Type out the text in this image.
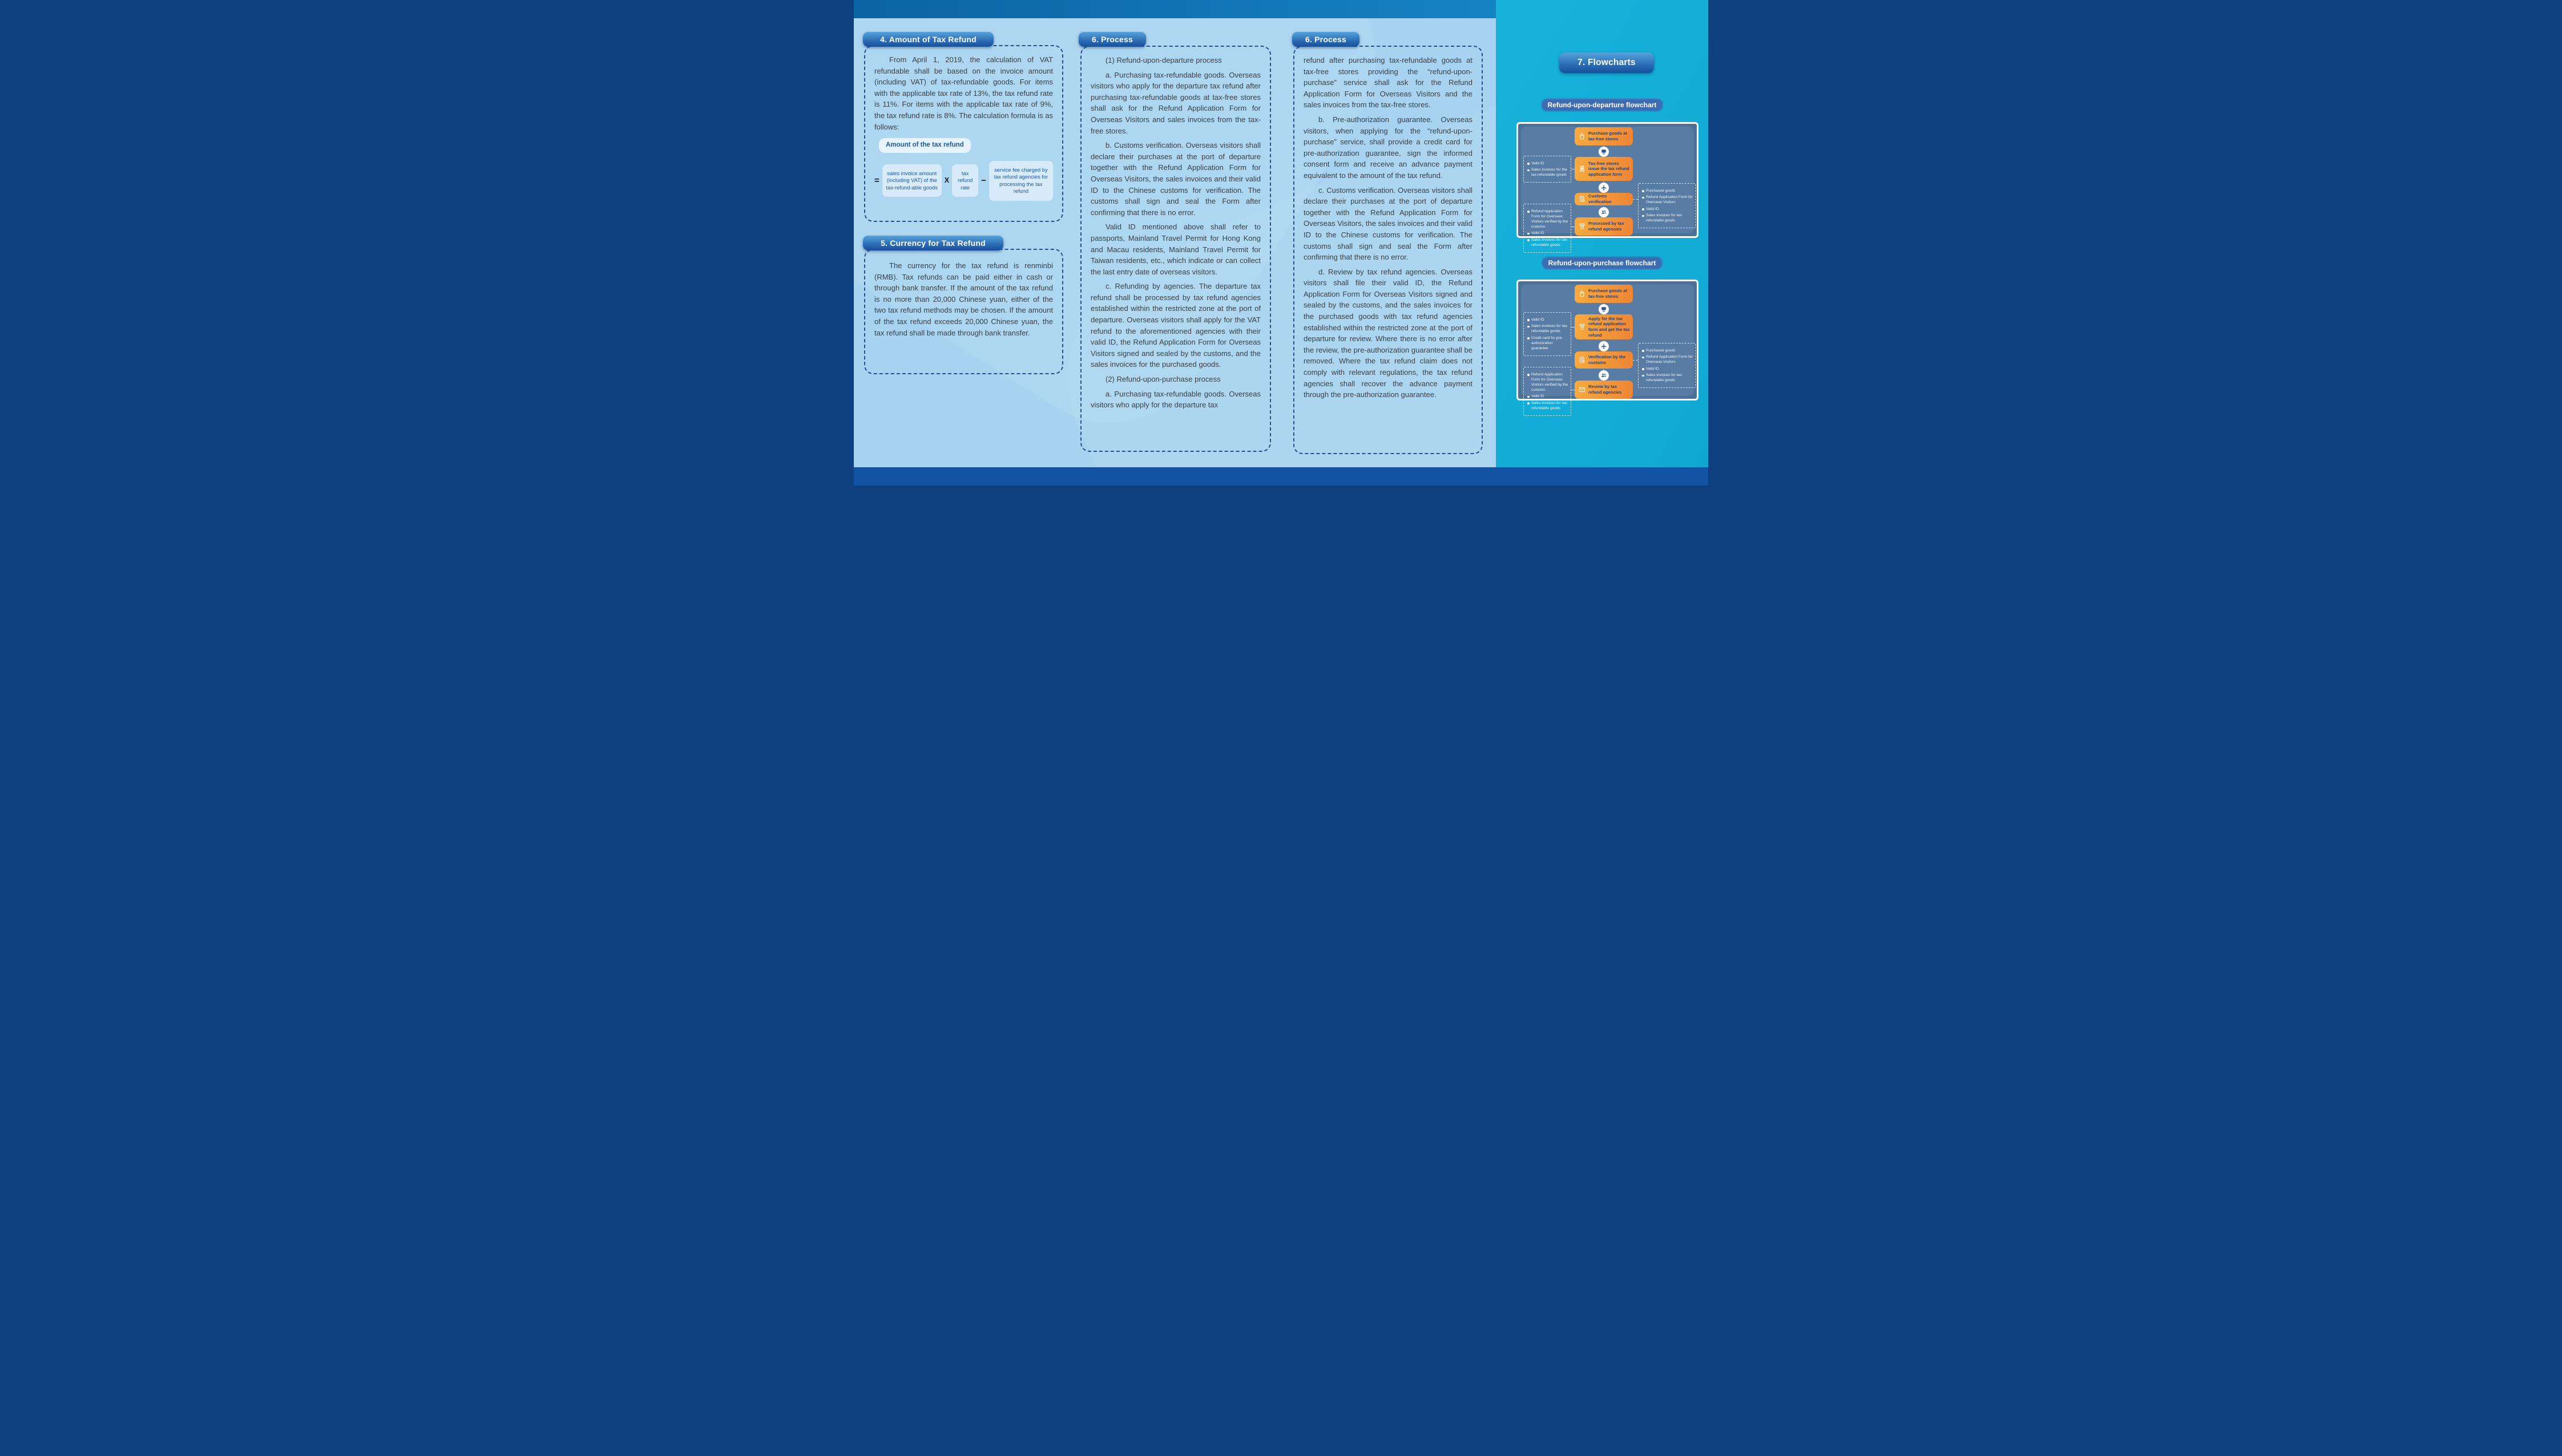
4. Amount of Tax Refund

From April 1, 2019, the calculation of VAT refundable shall be based on the invoice amount (including VAT) of tax-refundable goods. For items with the applicable tax rate of 13%, the tax refund rate is 11%. For items with the applicable tax rate of 9%, the tax refund rate is 8%. The calculation formula is as follows:

Amount of the tax refund
=
sales invoice amount (including VAT) of the tax-refund-able goods
X
tax refund rate
−
service fee charged by tax refund agencies for processing the tax refund
5. Currency for Tax Refund

The currency for the tax refund is renminbi (RMB). Tax refunds can be paid either in cash or through bank transfer. If the amount of the tax refund is no more than 20,000 Chinese yuan, either of the two tax refund methods may be chosen. If the amount of the tax refund exceeds 20,000 Chinese yuan, the tax refund shall be made through bank transfer.

6. Process

(1) Refund-upon-departure process

a. Purchasing tax-refundable goods. Overseas visitors who apply for the departure tax refund after purchasing tax-refundable goods at tax-free stores shall ask for the Refund Application Form for Overseas Visitors and sales invoices from the tax-free stores.

b. Customs verification. Overseas visitors shall declare their purchases at the port of departure together with the Refund Application Form for Overseas Visitors, the sales invoices and their valid ID to the Chinese customs for verification. The customs shall sign and seal the Form after confirming that there is no error.

Valid ID mentioned above shall refer to passports, Mainland Travel Permit for Hong Kong and Macau residents, Mainland Travel Permit for Taiwan residents, etc., which indicate or can collect the last entry date of overseas visitors.

c. Refunding by agencies. The departure tax refund shall be processed by tax refund agencies established within the restricted zone at the port of departure. Overseas visitors shall apply for the VAT refund to the aforementioned agencies with their valid ID, the Refund Application Form for Overseas Visitors signed and sealed by the customs, and the sales invoices for the purchased goods.

(2) Refund-upon-purchase process

a. Purchasing tax-refundable goods. Overseas visitors who apply for the departure tax

6. Process

refund after purchasing tax-refundable goods at tax-free stores providing the “refund-upon-purchase” service shall ask for the Refund Application Form for Overseas Visitors and the sales invoices from the tax-free stores.

b. Pre-authorization guarantee. Overseas visitors, when applying for the “refund-upon-purchase” service, shall provide a credit card for pre-authorization guarantee, sign the informed consent form and receive an advance payment equivalent to the amount of the tax refund.

c. Customs verification. Overseas visitors shall declare their purchases at the port of departure together with the Refund Application Form for Overseas Visitors, the sales invoices and their valid ID to the Chinese customs for verification. The customs shall sign and seal the Form after confirming that there is no error.

d. Review by tax refund agencies. Overseas visitors shall file their valid ID, the Refund Application Form for Overseas Visitors signed and sealed by the customs, and the sales invoices for the purchased goods with tax refund agencies established within the restricted zone at the port of departure for review. Where there is no error after the review, the pre-authorization guarantee shall be removed. Where the tax refund claim does not comply with relevant regulations, the tax refund agencies shall recover the advance payment through the pre-authorization guarantee.

7. Flowcharts
Refund-upon-departure flowchart
Purchase goods at tax-free stores
Tax-free stores issue the tax refund application form
Customs verification
¥
Processed by tax refund agencies
Valid ID
Sales invoices for the tax-refundable goods
Purchased goods
Refund Application Form for Overseas Visitors
Valid ID
Sales invoices for tax-refundable goods
Refund Application Form for Overseas Visitors verified by the customs
Valid ID
Sales invoices for tax-refundable goods
Refund-upon-purchase flowchart
Purchase goods at tax-free stores
¥
Apply for the tax refund application form and get the tax refund
Verification by the customs
Review by tax refund agencies
Valid ID
Sales invoices for tax-refundable goods
Credit card for pre-authorization guarantee
Purchased goods
Refund Application Form for Overseas Visitors
Valid ID
Sales invoices for tax-refundable goods
Refund Application Form for Overseas Visitors verified by the customs
Valid ID
Sales invoices for tax-refundable goods
